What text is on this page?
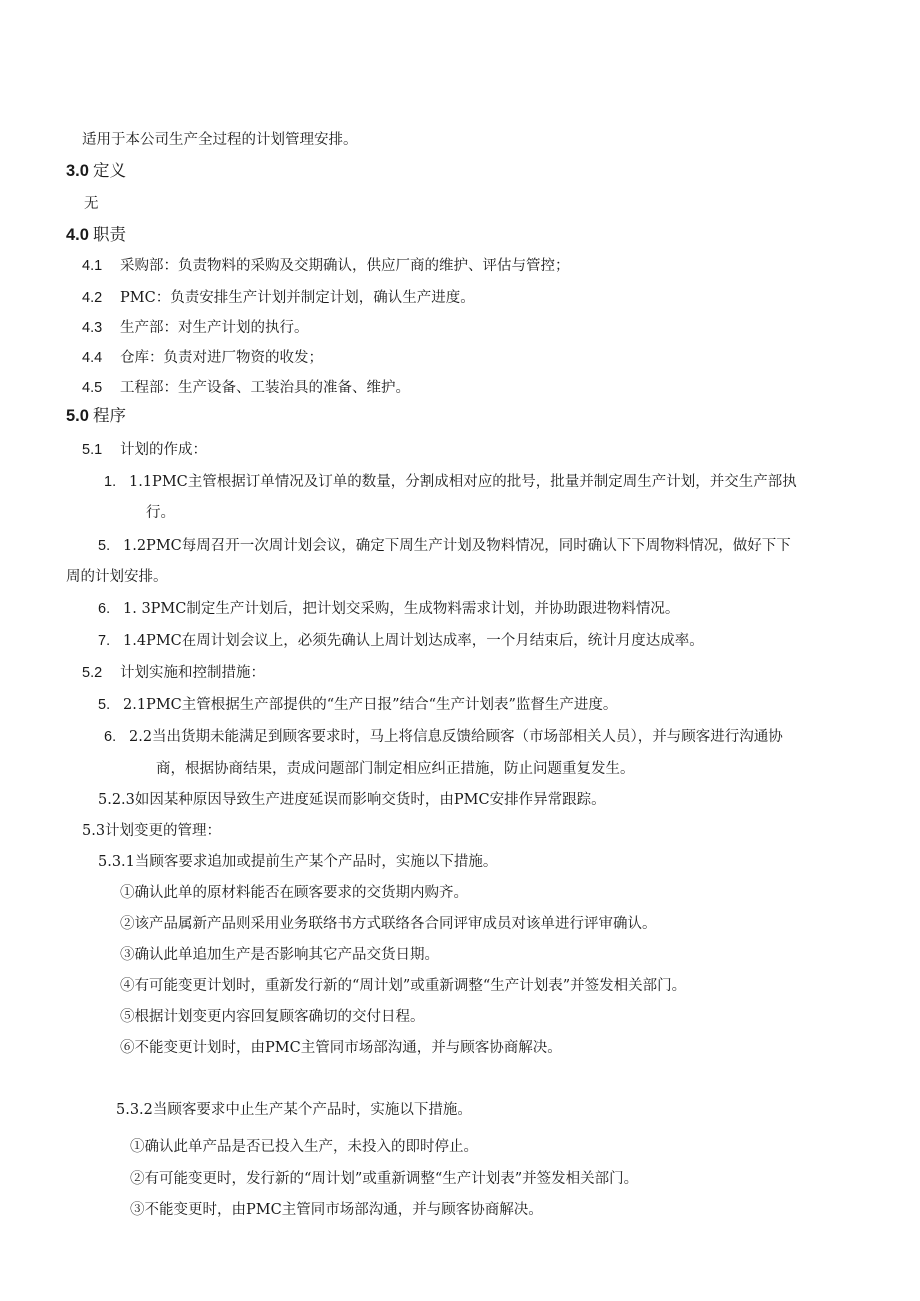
适用于本公司生产全过程的计划管理安排。
3.0 定义
无
4.0 职责
4.1 采购部：负责物料的采购及交期确认，供应厂商的维护、评估与管控；
4.2 PMC：负责安排生产计划并制定计划，确认生产进度。
4.3 生产部：对生产计划的执行。
4.4 仓库：负责对进厂物资的收发；
4.5 工程部：生产设备、工装治具的准备、维护。
5.0 程序
5.1 计划的作成：
1. 1.1PMC主管根据订单情况及订单的数量，分割成相对应的批号，批量并制定周生产计划，并交生产部执
行。
5. 1.2PMC每周召开一次周计划会议，确定下周生产计划及物料情况，同时确认下下周物料情况，做好下下
周的计划安排。
6. 1. 3PMC制定生产计划后，把计划交采购，生成物料需求计划，并协助跟进物料情况。
7. 1.4PMC在周计划会议上，必须先确认上周计划达成率，一个月结束后，统计月度达成率。
5.2 计划实施和控制措施：
5. 2.1PMC主管根据生产部提供的“生产日报”结合“生产计划表”监督生产进度。
6. 2.2当出货期未能满足到顾客要求时，马上将信息反馈给顾客（市场部相关人员），并与顾客进行沟通协
商，根据协商结果，责成问题部门制定相应纠正措施，防止问题重复发生。
5.2.3如因某种原因导致生产进度延误而影响交货时，由PMC安排作异常跟踪。
5.3计划变更的管理：
5.3.1当顾客要求追加或提前生产某个产品时，实施以下措施。
①确认此单的原材料能否在顾客要求的交货期内购齐。
②该产品属新产品则采用业务联络书方式联络各合同评审成员对该单进行评审确认。
③确认此单追加生产是否影响其它产品交货日期。
④有可能变更计划时，重新发行新的“周计划”或重新调整“生产计划表”并签发相关部门。
⑤根据计划变更内容回复顾客确切的交付日程。
⑥不能变更计划时，由PMC主管同市场部沟通，并与顾客协商解决。
5.3.2当顾客要求中止生产某个产品时，实施以下措施。
①确认此单产品是否已投入生产，未投入的即时停止。
②有可能变更时，发行新的“周计划”或重新调整“生产计划表”并签发相关部门。
③不能变更时，由PMC主管同市场部沟通，并与顾客协商解决。
